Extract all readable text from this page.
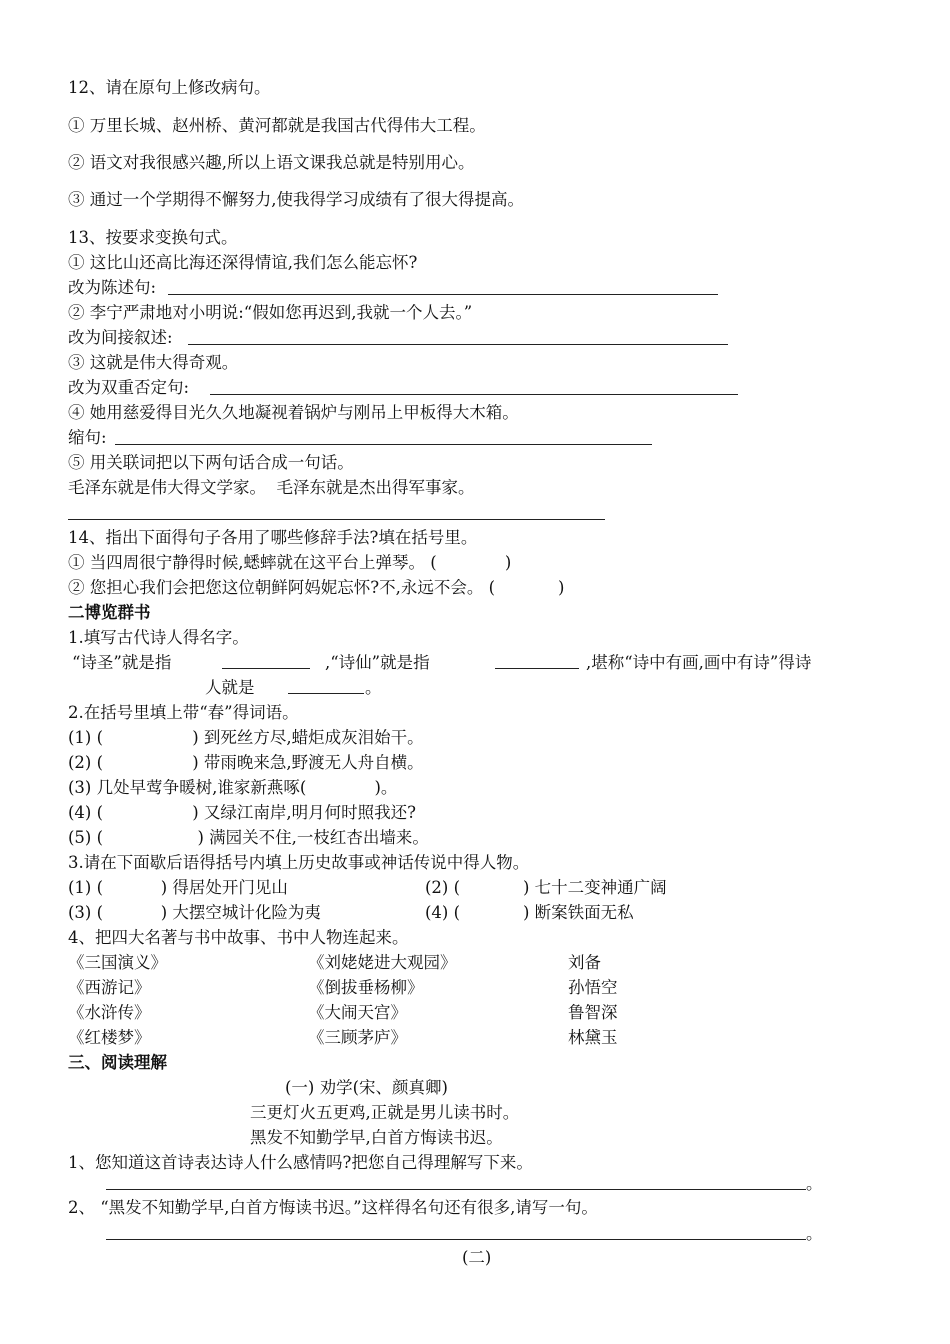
12、请在原句上修改病句。
① 万里长城、赵州桥、黄河都就是我国古代得伟大工程。
② 语文对我很感兴趣,所以上语文课我总就是特别用心。
③ 通过一个学期得不懈努力,使我得学习成绩有了很大得提高。
13、按要求变换句式。
① 这比山还高比海还深得情谊,我们怎么能忘怀?
改为陈述句:
② 李宁严肃地对小明说:“假如您再迟到,我就一个人去。”
改为间接叙述:
③ 这就是伟大得奇观。
改为双重否定句:
④ 她用慈爱得目光久久地凝视着锅炉与刚吊上甲板得大木箱。
缩句:
⑤ 用关联词把以下两句话合成一句话。
毛泽东就是伟大得文学家。  毛泽东就是杰出得军事家。
14、指出下面得句子各用了哪些修辞手法?填在括号里。
① 当四周很宁静得时候,蟋蟀就在这平台上弹琴。 (             )
② 您担心我们会把您这位朝鲜阿妈妮忘怀?不,永远不会。 (            )
二博览群书
1.填写古代诗人得名字。
“诗圣”就是指	,“诗仙”就是指	,堪称“诗中有画,画中有诗”得诗
人就是	。
2.在括号里填上带“春”得词语。
(1) (                 ) 到死丝方尽,蜡炬成灰泪始干。
(2) (                 ) 带雨晚来急,野渡无人舟自横。
(3) 几处早莺争暖树,谁家新燕啄(             )。
(4) (                 ) 又绿江南岸,明月何时照我还?
(5) (                  ) 满园关不住,一枝红杏出墙来。
3.请在下面歇后语得括号内填上历史故事或神话传说中得人物。
(1) (           ) 得居处开门见山	(2) (            ) 七十二变神通广阔
(3) (           ) 大摆空城计化险为夷	(4) (            ) 断案铁面无私
4、把四大名著与书中故事、书中人物连起来。
《三国演义》	《刘姥姥进大观园》	刘备
《西游记》	《倒拔垂杨柳》	孙悟空
《水浒传》	《大闹天宫》	鲁智深
《红楼梦》	《三顾茅庐》	林黛玉
三、阅读理解
(一) 劝学(宋、颜真卿)
三更灯火五更鸡,正就是男儿读书时。
黑发不知勤学早,白首方悔读书迟。
1、您知道这首诗表达诗人什么感情吗?把您自己得理解写下来。
。
2、 “黑发不知勤学早,白首方悔读书迟。”这样得名句还有很多,请写一句。
。
(二)
